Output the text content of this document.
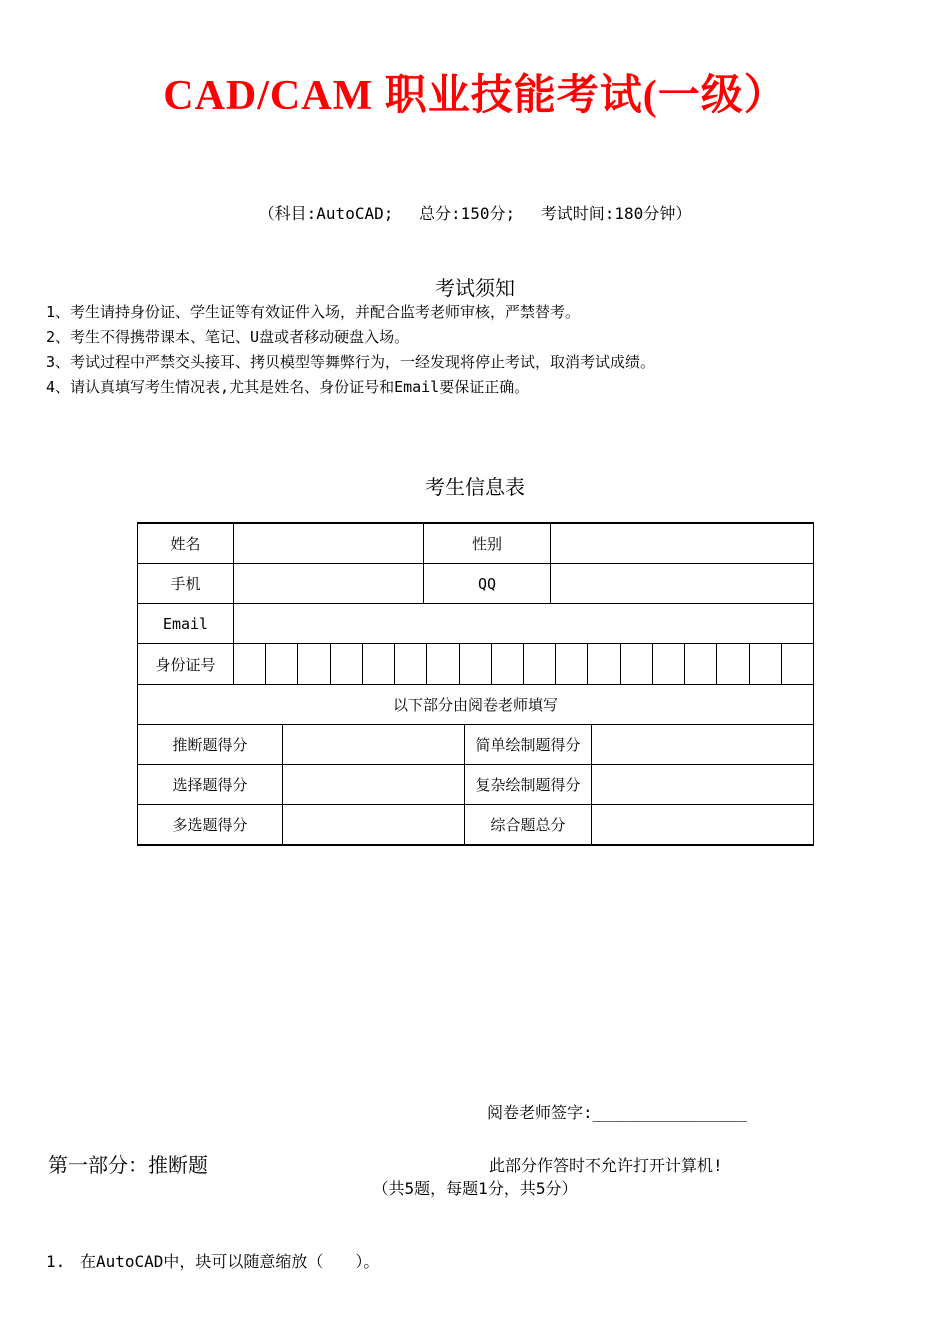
CAD/CAM 职业技能考试(一级）
（科目:AutoCAD;　 总分:150分;　 考试时间:180分钟）
考试须知
1、考生请持身份证、学生证等有效证件入场，并配合监考老师审核，严禁替考。
2、考生不得携带课本、笔记、U盘或者移动硬盘入场。
3、考试过程中严禁交头接耳、拷贝模型等舞弊行为，一经发现将停止考试，取消考试成绩。
4、请认真填写考生情况表,尤其是姓名、身份证号和Email要保证正确。
考生信息表
姓名			性别			
手机			QQ			
Email						
身份证号						

以下部分由阅卷老师填写						
推断题得分				简单绘制题得分		
选择题得分				复杂绘制题得分		
多选题得分				综合题总分		
阅卷老师签字:________________
第一部分：推断题	此部分作答时不允许打开计算机!
（共5题，每题1分，共5分）
1. 在AutoCAD中，块可以随意缩放（　　）。
